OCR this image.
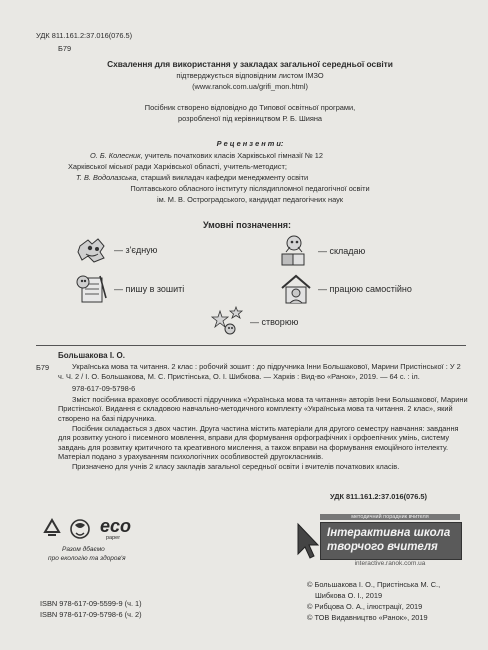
УДК 811.161.2:37.016(076.5)
Б79
Схвалення для використання у закладах загальної середньої освіти
підтверджується відповідним листом ІМЗО
(www.ranok.com.ua/grifi_mon.html)
Посібник створено відповідно до Типової освітньої програми,
розробленої під керівництвом Р. Б. Шияна
Р е ц е н з е н т и:
О. Б. Колесник, учитель початкових класів Харківської гімназії № 12
Харківської міської ради Харківської області, учитель-методист;
Т. В. Водолазська, старший викладач кафедри менеджменту освіти
Полтавського обласного інституту післядипломної педагогічної освіти
ім. М. В. Остроградського, кандидат педагогічних наук
Умовні позначення:
— з'єдную	— складаю
— пишу в зошиті	— працюю самостійно
— створюю
Б79
Большакова І. О.

Українська мова та читання. 2 клас : робочий зошит : до підручника Інни Большакової, Марини Пристінської : У 2 ч. Ч. 2 / І. О. Большакова, М. С. Пристінська, О. І. Шибкова. — Харків : Вид-во «Ранок», 2019. — 64 с. : іл.

978-617-09-5798-6

Зміст посібника враховує особливості підручника «Українська мова та читання» авторів Інни Большакової, Марини Пристінської. Видання є складовою навчально-методичного комплекту «Українська мова та читання. 2 клас», який створено на базі підручника.

Посібник складається з двох частин. Друга частина містить матеріали для другого семестру навчання: завдання для розвитку усного і писемного мовлення, вправи для формування орфографічних і орфоепічних умінь, систему завдань для розвитку критичного та креативного мислення, а також вправи на формування емоційного інтелекту. Матеріал подано з урахуванням психологічних особливостей другокласників.

Призначено для учнів 2 класу закладів загальної середньої освіти і вчителів початкових класів.

УДК 811.161.2:37.016(076.5)
eco
paper
Разом дбаємо
про екологію та здоров'я
методичний порадник вчителя
Інтерактивна школа
творчого вчителя
interactive.ranok.com.ua
ISBN 978-617-09-5599-9 (ч. 1)
ISBN 978-617-09-5798-6 (ч. 2)
© Большакова І. О., Пристінська М. С.,
Шибкова О. І., 2019
© Рибцова О. А., ілюстрації, 2019
© ТОВ Видавництво «Ранок», 2019
